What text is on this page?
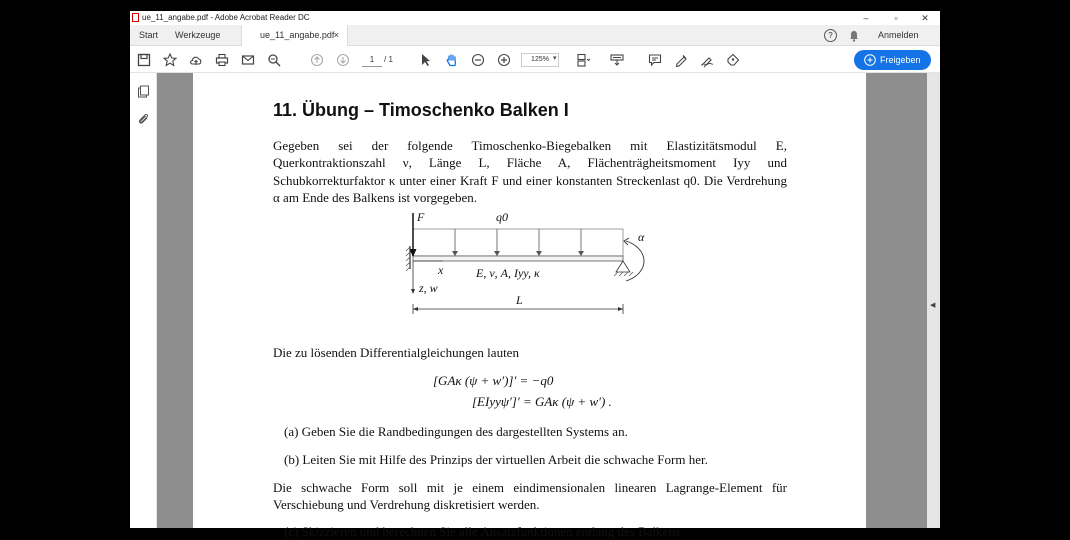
ue_11_angabe.pdf - Adobe Acrobat Reader DC	–	▫	✕
Start Werkzeuge	ue_11_angabe.pdf ×	?	Anmelden
1	/ 1	125% ▾	Freigeben
◀
11. Übung – Timoschenko Balken I
Gegeben sei der folgende Timoschenko-Biegebalken mit Elastizitätsmodul E, Querkontraktionszahl ν, Länge L, Fläche A, Flächenträgheitsmoment Iyy und Schubkorrekturfaktor κ unter einer Kraft F und einer konstanten Streckenlast q0. Die Verdrehung α am Ende des Balkens ist vorgegeben.
F	q0
α
x
z, w
E, ν, A, Iyy, κ
L
Die zu lösenden Differentialgleichungen lauten
[GAκ (ψ + w′)]′ = −q0
[EIyyψ′]′ = GAκ (ψ + w′) .
(a) Geben Sie die Randbedingungen des dargestellten Systems an.
(b) Leiten Sie mit Hilfe des Prinzips der virtuellen Arbeit die schwache Form her.
Die schwache Form soll mit je einem eindimensionalen linearen Lagrange-Element für Verschiebung und Verdrehung diskretisiert werden.
(c) Skizzieren und berechnen Sie alle Ansatzfunktionen entlang des Balkens
